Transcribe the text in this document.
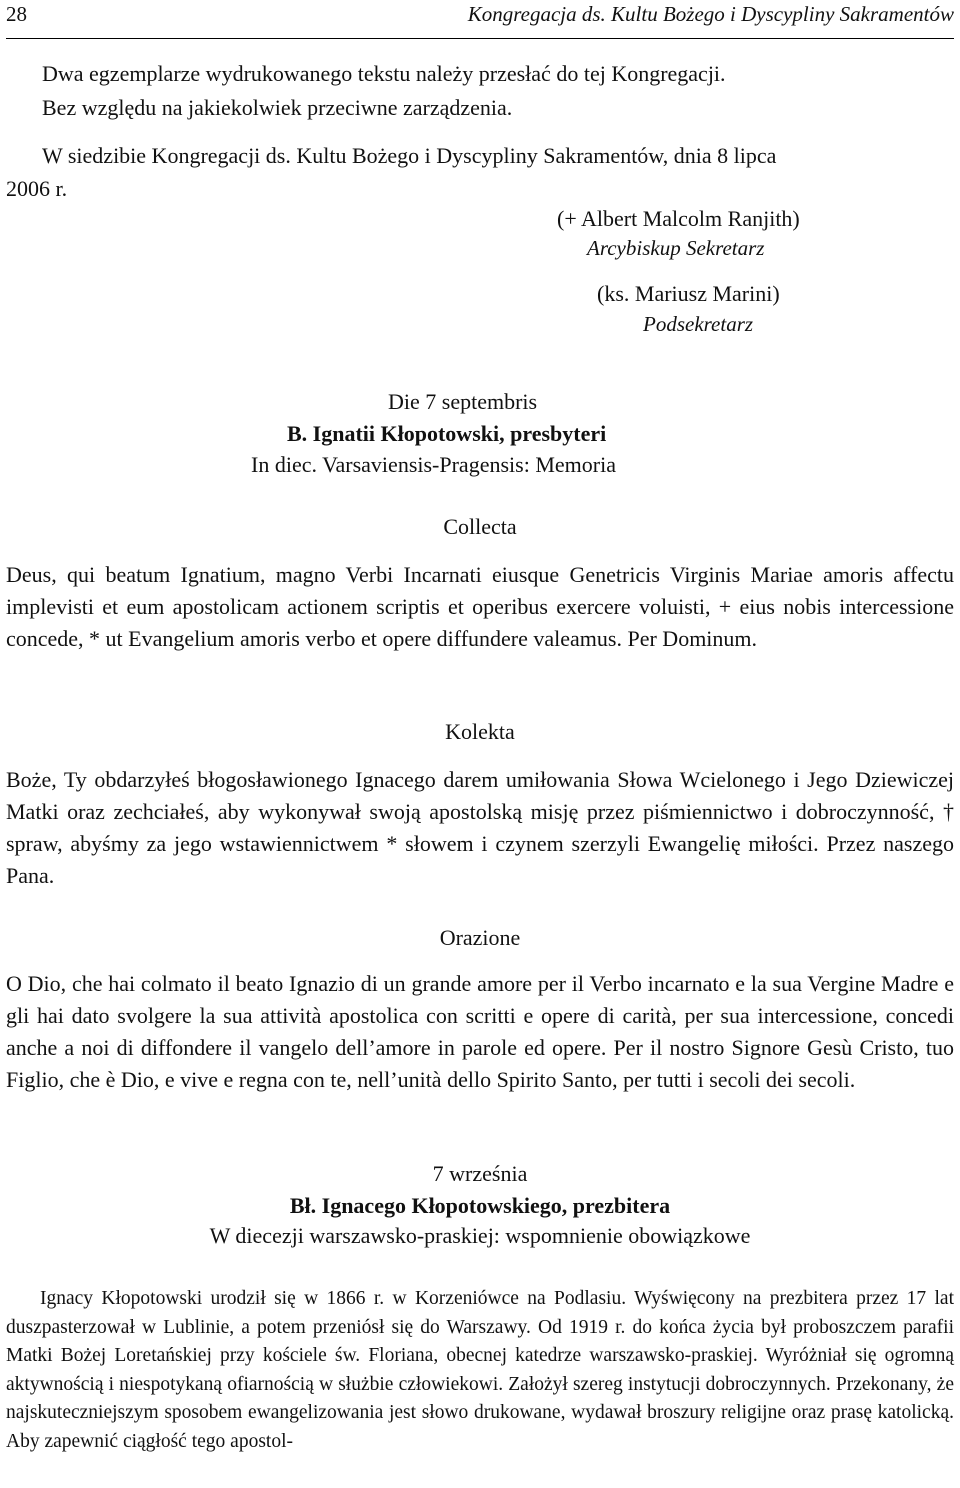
28	Kongregacja ds. Kultu Bożego i Dyscypliny Sakramentów
Dwa egzemplarze wydrukowanego tekstu należy przesłać do tej Kongregacji.
Bez względu na jakiekolwiek przeciwne zarządzenia.
W siedzibie Kongregacji ds. Kultu Bożego i Dyscypliny Sakramentów, dnia 8 lipca
2006 r.
(+ Albert Malcolm Ranjith)
Arcybiskup Sekretarz
(ks. Mariusz Marini)
Podsekretarz
Die 7 septembris
B. Ignatii Kłopotowski, presbyteri
In diec. Varsaviensis-Pragensis: Memoria
Collecta
Deus, qui beatum Ignatium, magno Verbi Incarnati eiusque Genetricis Virginis Mariae amoris affectu implevisti et eum apostolicam actionem scriptis et operibus exercere voluisti, + eius nobis intercessione concede, * ut Evangelium amoris verbo et opere diffundere valeamus. Per Dominum.
Kolekta
Boże, Ty obdarzyłeś błogosławionego Ignacego darem umiłowania Słowa Wcielonego i Jego Dziewiczej Matki oraz zechciałeś, aby wykonywał swoją apostolską misję przez piśmiennictwo i dobroczynność, † spraw, abyśmy za jego wstawiennictwem * słowem i czynem szerzyli Ewangelię miłości. Przez naszego Pana.
Orazione
O Dio, che hai colmato il beato Ignazio di un grande amore per il Verbo incarnato e la sua Vergine Madre e gli hai dato svolgere la sua attività apostolica con scritti e opere di carità, per sua intercessione, concedi anche a noi di diffondere il vangelo dell’amore in parole ed opere. Per il nostro Signore Gesù Cristo, tuo Figlio, che è Dio, e vive e regna con te, nell’unità dello Spirito Santo, per tutti i secoli dei secoli.
7 września
Bł. Ignacego Kłopotowskiego, prezbitera
W diecezji warszawsko-praskiej: wspomnienie obowiązkowe
Ignacy Kłopotowski urodził się w 1866 r. w Korzeniówce na Podlasiu. Wyświęcony na prezbitera przez 17 lat duszpasterzował w Lublinie, a potem przeniósł się do Warszawy. Od 1919 r. do końca życia był proboszczem parafii Matki Bożej Loretańskiej przy kościele św. Floriana, obecnej katedrze warszawsko-praskiej. Wyróżniał się ogromną aktywnością i niespotykaną ofiarnością w służbie człowiekowi. Założył szereg instytucji dobroczynnych. Przekonany, że najskuteczniejszym sposobem ewangelizowania jest słowo drukowane, wydawał broszury religijne oraz prasę katolicką. Aby zapewnić ciągłość tego apostol-
